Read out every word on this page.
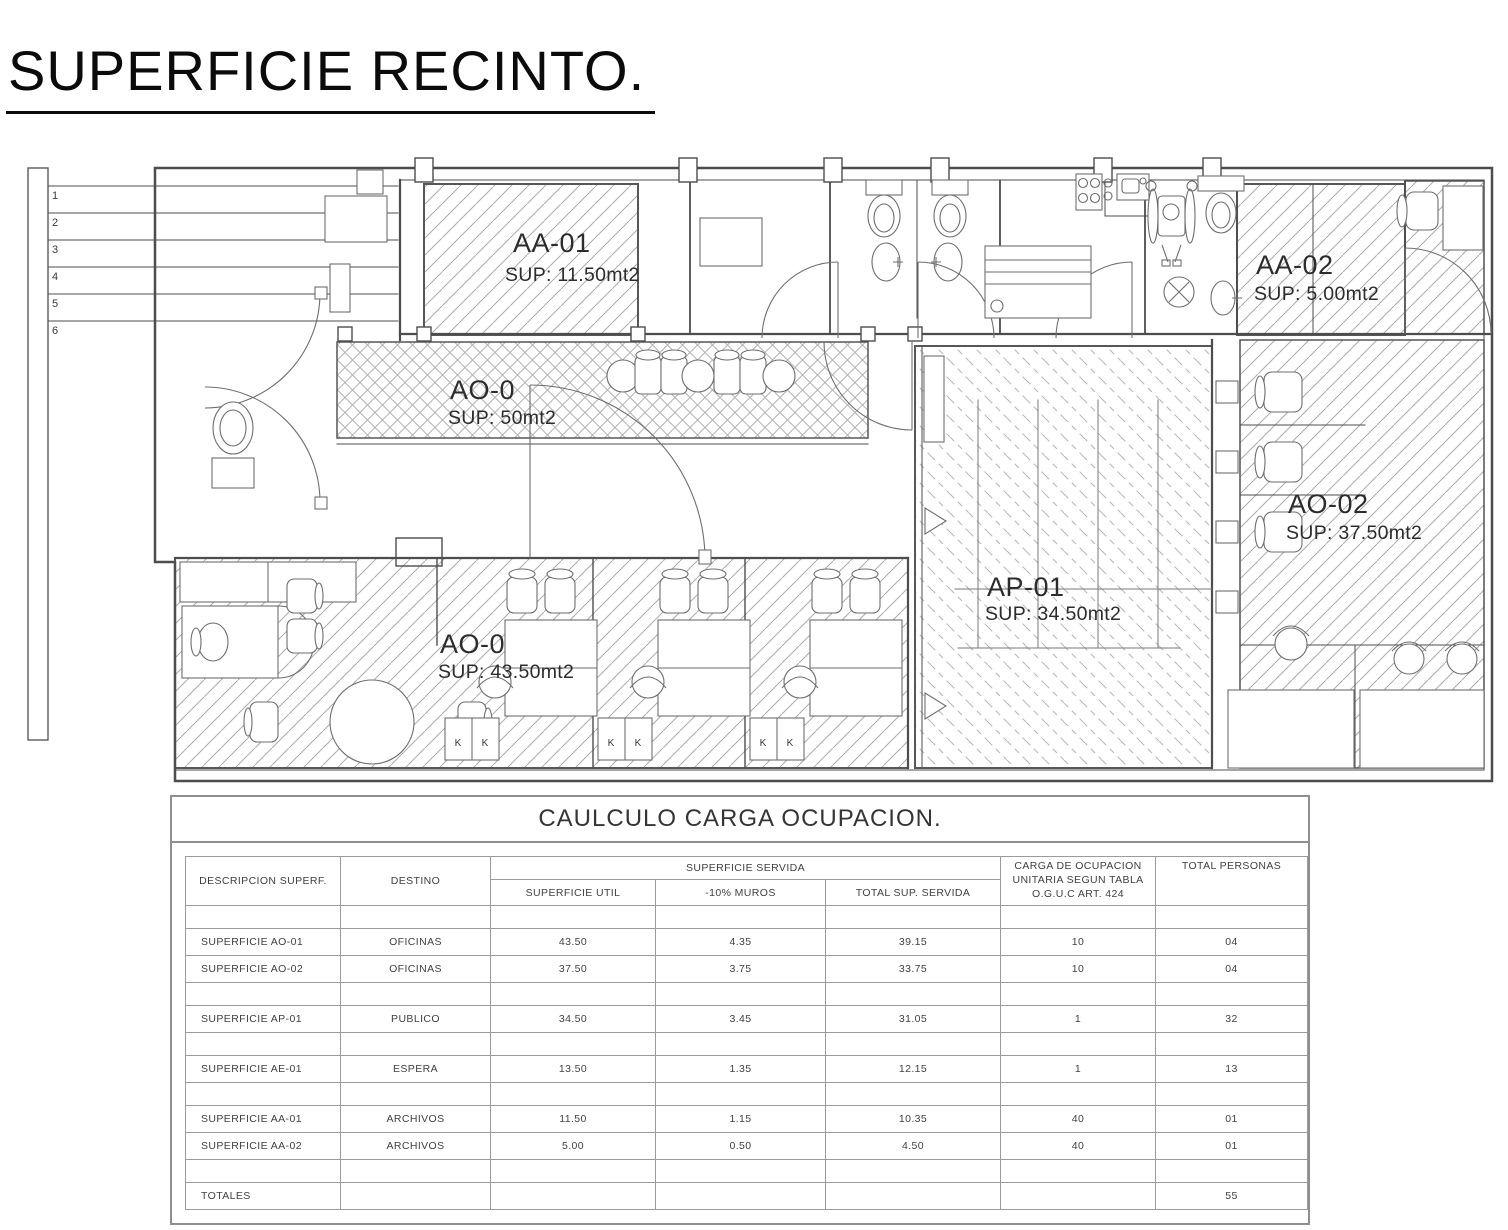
SUPERFICIE RECINTO.
1
2
3
4
5
6
K K	K K	K K
AA-01
SUP: 11.50mt2
AO-0
SUP: 50mt2
AA-02
SUP: 5.00mt2
AO-02
SUP: 37.50mt2
AP-01
SUP: 34.50mt2
AO-0
SUP: 43.50mt2
CAULCULO CARGA OCUPACION.
DESCRIPCION SUPERF.	DESTINO	SUPERFICIE SERVIDA			CARGA DE OCUPACION UNITARIA SEGUN TABLA O.G.U.C ART. 424	TOTAL PERSONAS
		SUPERFICIE UTIL	-10% MUROS	TOTAL SUP. SERVIDA		

SUPERFICIE AO-01	OFICINAS	43.50	4.35	39.15	10	04
SUPERFICIE AO-02	OFICINAS	37.50	3.75	33.75	10	04

SUPERFICIE AP-01	PUBLICO	34.50	3.45	31.05	1	32

SUPERFICIE AE-01	ESPERA	13.50	1.35	12.15	1	13

SUPERFICIE AA-01	ARCHIVOS	11.50	1.15	10.35	40	01
SUPERFICIE AA-02	ARCHIVOS	5.00	0.50	4.50	40	01

TOTALES						55
